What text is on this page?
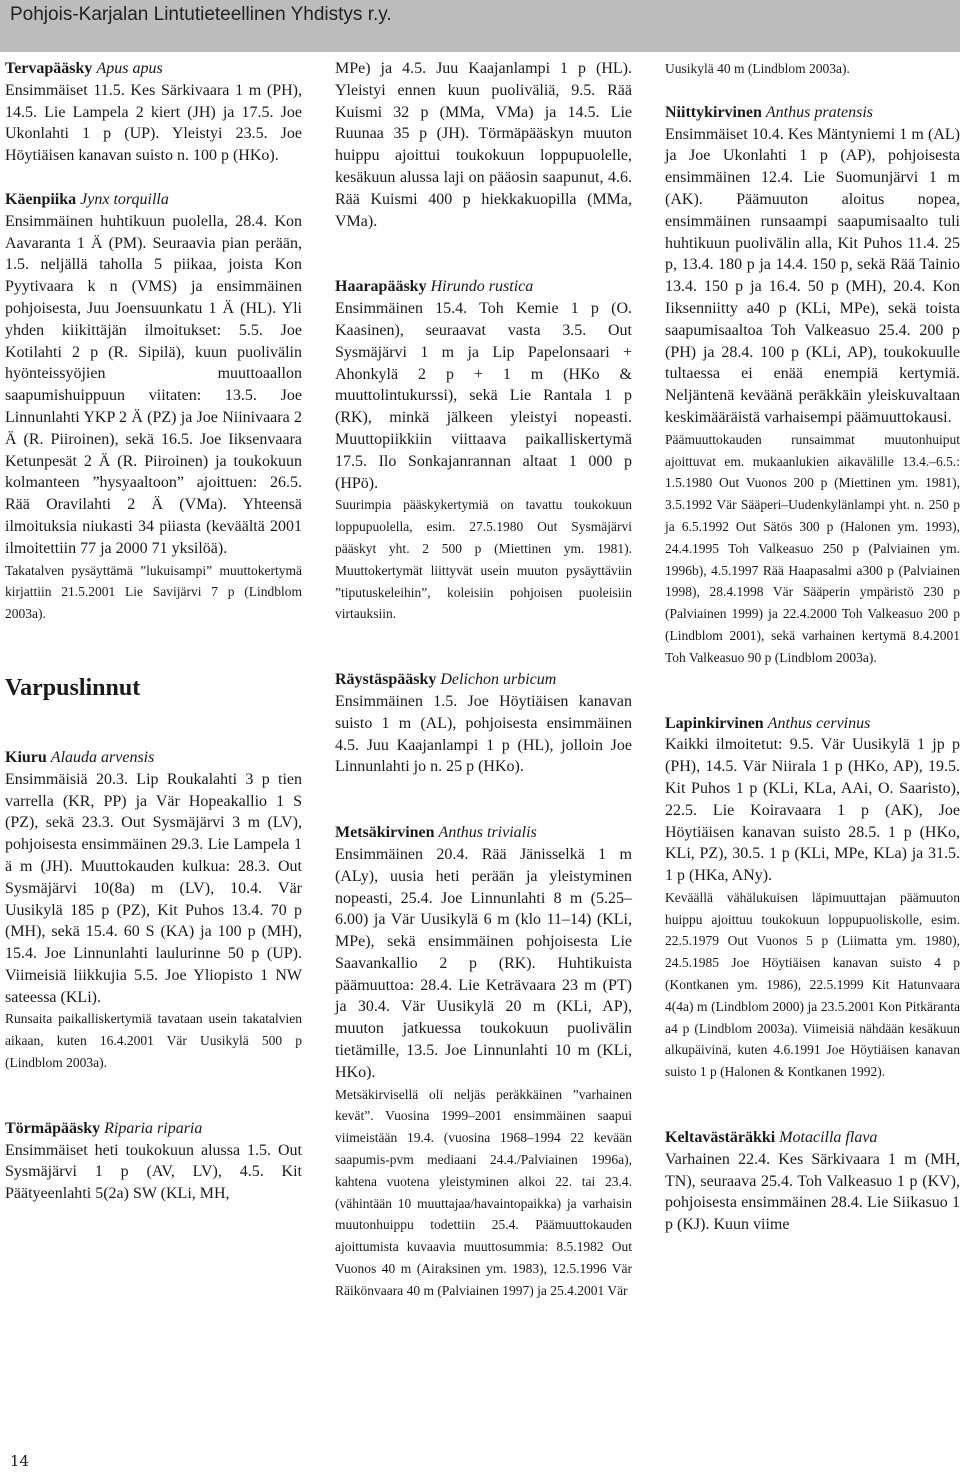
Pohjois-Karjalan Lintutieteellinen Yhdistys r.y.
Tervapääsky Apus apus
Ensimmäiset 11.5. Kes Särkivaara 1 m (PH), 14.5. Lie Lampela 2 kiert (JH) ja 17.5. Joe Ukonlahti 1 p (UP). Yleistyi 23.5. Joe Höytiäisen kanavan suisto n. 100 p (HKo).
Käenpiika Jynx torquilla
Ensimmäinen huhtikuun puolella, 28.4. Kon Aavaranta 1 Ä (PM). Seuraavia pian perään, 1.5. neljällä taholla 5 piikaa, joista Kon Pyytivaara k n (VMS) ja ensimmäinen pohjoisesta, Juu Joensuunkatu 1 Ä (HL). Yli yhden kiikittäjän ilmoitukset: 5.5. Joe Kotilahti 2 p (R. Sipilä), kuun puolivälin hyönteissyöjien muuttoaallon saapumishuippuun viitaten: 13.5. Joe Linnunlahti YKP 2 Ä (PZ) ja Joe Niinivaara 2 Ä (R. Piiroinen), sekä 16.5. Joe Iiksenvaara Ketunpesät 2 Ä (R. Piiroinen) ja toukokuun kolmanteen ”hysyaaltoon” ajoittuen: 26.5. Rää Oravilahti 2 Ä (VMa). Yhteensä ilmoituksia niukasti 34 piiasta (keväältä 2001 ilmoitettiin 77 ja 2000 71 yksilöä).
Takatalven pysäyttämä ”lukuisampi” muuttokertymä kirjattiin 21.5.2001 Lie Savijärvi 7 p (Lindblom 2003a).
Varpuslinnut
Kiuru Alauda arvensis
Ensimmäisiä 20.3. Lip Roukalahti 3 p tien varrella (KR, PP) ja Vär Hopeakallio 1 S (PZ), sekä 23.3. Out Sysmäjärvi 3 m (LV), pohjoisesta ensimmäinen 29.3. Lie Lampela 1 ä m (JH). Muuttokauden kulkua: 28.3. Out Sysmäjärvi 10(8a) m (LV), 10.4. Vär Uusikylä 185 p (PZ), Kit Puhos 13.4. 70 p (MH), sekä 15.4. 60 S (KA) ja 100 p (MH), 15.4. Joe Linnunlahti laulurinne 50 p (UP). Viimeisiä liikkujia 5.5. Joe Yliopisto 1 NW sateessa (KLi).
Runsaita paikalliskertymiä tavataan usein takatalvien aikaan, kuten 16.4.2001 Vär Uusikylä 500 p (Lindblom 2003a).
Törmäpääsky Riparia riparia
Ensimmäiset heti toukokuun alussa 1.5. Out Sysmäjärvi 1 p (AV, LV), 4.5. Kit Päätyeenlahti 5(2a) SW (KLi, MH,
MPe) ja 4.5. Juu Kaajanlampi 1 p (HL). Yleistyi ennen kuun puoliväliä, 9.5. Rää Kuismi 32 p (MMa, VMa) ja 14.5. Lie Ruunaa 35 p (JH). Törmäpääskyn muuton huippu ajoittui toukokuun loppupuolelle, kesäkuun alussa laji on pääosin saapunut, 4.6. Rää Kuismi 400 p hiekkakuopilla (MMa, VMa).
Haarapääsky Hirundo rustica
Ensimmäinen 15.4. Toh Kemie 1 p (O. Kaasinen), seuraavat vasta 3.5. Out Sysmäjärvi 1 m ja Lip Papelonsaari + Ahonkylä 2 p + 1 m (HKo & muuttolintukurssi), sekä Lie Rantala 1 p (RK), minkä jälkeen yleistyi nopeasti. Muuttopiikkiin viittaava paikalliskertymä 17.5. Ilo Sonkajanrannan altaat 1 000 p (HPö).
Suurimpia pääskykertymiä on tavattu toukokuun loppupuolella, esim. 27.5.1980 Out Sysmäjärvi pääskyt yht. 2 500 p (Miettinen ym. 1981). Muuttokertymät liittyvät usein muuton pysäyttäviin ”tiputuskeleihin”, koleisiin pohjoisen puoleisiin virtauksiin.
Räystäspääsky Delichon urbicum
Ensimmäinen 1.5. Joe Höytiäisen kanavan suisto 1 m (AL), pohjoisesta ensimmäinen 4.5. Juu Kaajanlampi 1 p (HL), jolloin Joe Linnunlahti jo n. 25 p (HKo).
Metsäkirvinen Anthus trivialis
Ensimmäinen 20.4. Rää Jänisselkä 1 m (ALy), uusia heti perään ja yleistyminen nopeasti, 25.4. Joe Linnunlahti 8 m (5.25–6.00) ja Vär Uusikylä 6 m (klo 11–14) (KLi, MPe), sekä ensimmäinen pohjoisesta Lie Saavankallio 2 p (RK). Huhtikuista päämuuttoa: 28.4. Lie Keträvaara 23 m (PT) ja 30.4. Vär Uusikylä 20 m (KLi, AP), muuton jatkuessa toukokuun puolivälin tietämille, 13.5. Joe Linnunlahti 10 m (KLi, HKo).
Metsäkirvisellä oli neljäs peräkkäinen ”varhainen kevät”. Vuosina 1999–2001 ensimmäinen saapui viimeistään 19.4. (vuosina 1968–1994 22 kevään saapumis-pvm mediaani 24.4./Palviainen 1996a), kahtena vuotena yleistyminen alkoi 22. tai 23.4. (vähintään 10 muuttajaa/havaintopaikka) ja varhaisin muutonhuippu todettiin 25.4. Päämuuttokauden ajoittumista kuvaavia muuttosummia: 8.5.1982 Out Vuonos 40 m (Airaksinen ym. 1983), 12.5.1996 Vär Räikönvaara 40 m (Palviainen 1997) ja 25.4.2001 Vär
Uusikylä 40 m (Lindblom 2003a).
Niittykirvinen Anthus pratensis
Ensimmäiset 10.4. Kes Mäntyniemi 1 m (AL) ja Joe Ukonlahti 1 p (AP), pohjoisesta ensimmäinen 12.4. Lie Suomunjärvi 1 m (AK). Päämuuton aloitus nopea, ensimmäinen runsaampi saapumisaalto tuli huhtikuun puolivälin alla, Kit Puhos 11.4. 25 p, 13.4. 180 p ja 14.4. 150 p, sekä Rää Tainio 13.4. 150 p ja 16.4. 50 p (MH), 20.4. Kon Iiksenniitty a40 p (KLi, MPe), sekä toista saapumisaaltoa Toh Valkeasuo 25.4. 200 p (PH) ja 28.4. 100 p (KLi, AP), toukokuulle tultaessa ei enää enempiä kertymiä. Neljäntenä keväänä peräkkäin yleiskuvaltaan keskimääräistä varhaisempi päämuuttokausi.
Päämuuttokauden runsaimmat muutonhuiput ajoittuvat em. mukaanlukien aikavälille 13.4.–6.5.: 1.5.1980 Out Vuonos 200 p (Miettinen ym. 1981), 3.5.1992 Vär Sääperi–Uudenkylänlampi yht. n. 250 p ja 6.5.1992 Out Sätös 300 p (Halonen ym. 1993), 24.4.1995 Toh Valkeasuo 250 p (Palviainen ym. 1996b), 4.5.1997 Rää Haapasalmi a300 p (Palviainen 1998), 28.4.1998 Vär Sääperin ympäristö 230 p (Palviainen 1999) ja 22.4.2000 Toh Valkeasuo 200 p (Lindblom 2001), sekä varhainen kertymä 8.4.2001 Toh Valkeasuo 90 p (Lindblom 2003a).
Lapinkirvinen Anthus cervinus
Kaikki ilmoitetut: 9.5. Vär Uusikylä 1 jp p (PH), 14.5. Vär Niirala 1 p (HKo, AP), 19.5. Kit Puhos 1 p (KLi, KLa, AAi, O. Saaristo), 22.5. Lie Koiravaara 1 p (AK), Joe Höytiäisen kanavan suisto 28.5. 1 p (HKo, KLi, PZ), 30.5. 1 p (KLi, MPe, KLa) ja 31.5. 1 p (HKa, ANy).
Keväällä vähälukuisen läpimuuttajan päämuuton huippu ajoittuu toukokuun loppupuoliskolle, esim. 22.5.1979 Out Vuonos 5 p (Liimatta ym. 1980), 24.5.1985 Joe Höytiäisen kanavan suisto 4 p (Kontkanen ym. 1986), 22.5.1999 Kit Hatunvaara 4(4a) m (Lindblom 2000) ja 23.5.2001 Kon Pitkäranta a4 p (Lindblom 2003a). Viimeisiä nähdään kesäkuun alkupäivinä, kuten 4.6.1991 Joe Höytiäisen kanavan suisto 1 p (Halonen & Kontkanen 1992).
Keltavästäräkki Motacilla flava
Varhainen 22.4. Kes Särkivaara 1 m (MH, TN), seuraava 25.4. Toh Valkeasuo 1 p (KV), pohjoisesta ensimmäinen 28.4. Lie Siikasuo 1 p (KJ). Kuun viime
14
